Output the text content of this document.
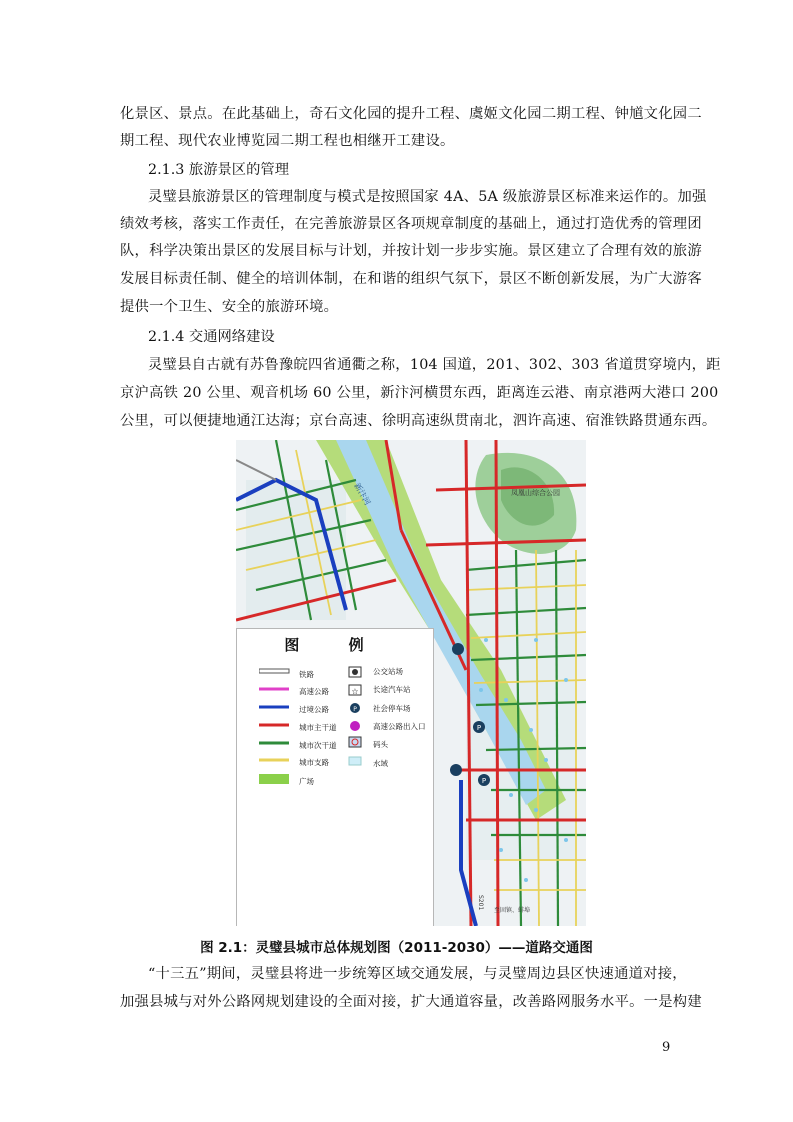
化景区、景点。在此基础上，奇石文化园的提升工程、虞姬文化园二期工程、钟馗文化园二
期工程、现代农业博览园二期工程也相继开工建设。
2.1.3 旅游景区的管理
灵璧县旅游景区的管理制度与模式是按照国家 4A、5A 级旅游景区标准来运作的。加强
绩效考核，落实工作责任，在完善旅游景区各项规章制度的基础上，通过打造优秀的管理团
队，科学决策出景区的发展目标与计划，并按计划一步步实施。景区建立了合理有效的旅游
发展目标责任制、健全的培训体制，在和谐的组织气氛下，景区不断创新发展，为广大游客
提供一个卫生、安全的旅游环境。
2.1.4 交通网络建设
灵璧县自古就有苏鲁豫皖四省通衢之称，104 国道，201、302、303 省道贯穿境内，距
京沪高铁 20 公里、观音机场 60 公里，新汴河横贯东西，距离连云港、南京港两大港口 200
公里，可以便捷地通江达海；京台高速、徐明高速纵贯南北，泗许高速、宿淮铁路贯通东西。
P
P
凤凰山综合公园
新汴河
至固镇、蚌埠
S201
图 例
铁路
高速公路
过境公路
城市主干道
城市次干道
城市支路
广场
☆
P
公交站场
长途汽车站
社会停车场
高速公路出入口
码头
水域
图 2.1：灵璧县城市总体规划图（2011-2030）——道路交通图
“十三五”期间，灵璧县将进一步统筹区域交通发展，与灵璧周边县区快速通道对接，
加强县城与对外公路网规划建设的全面对接，扩大通道容量，改善路网服务水平。一是构建
9
